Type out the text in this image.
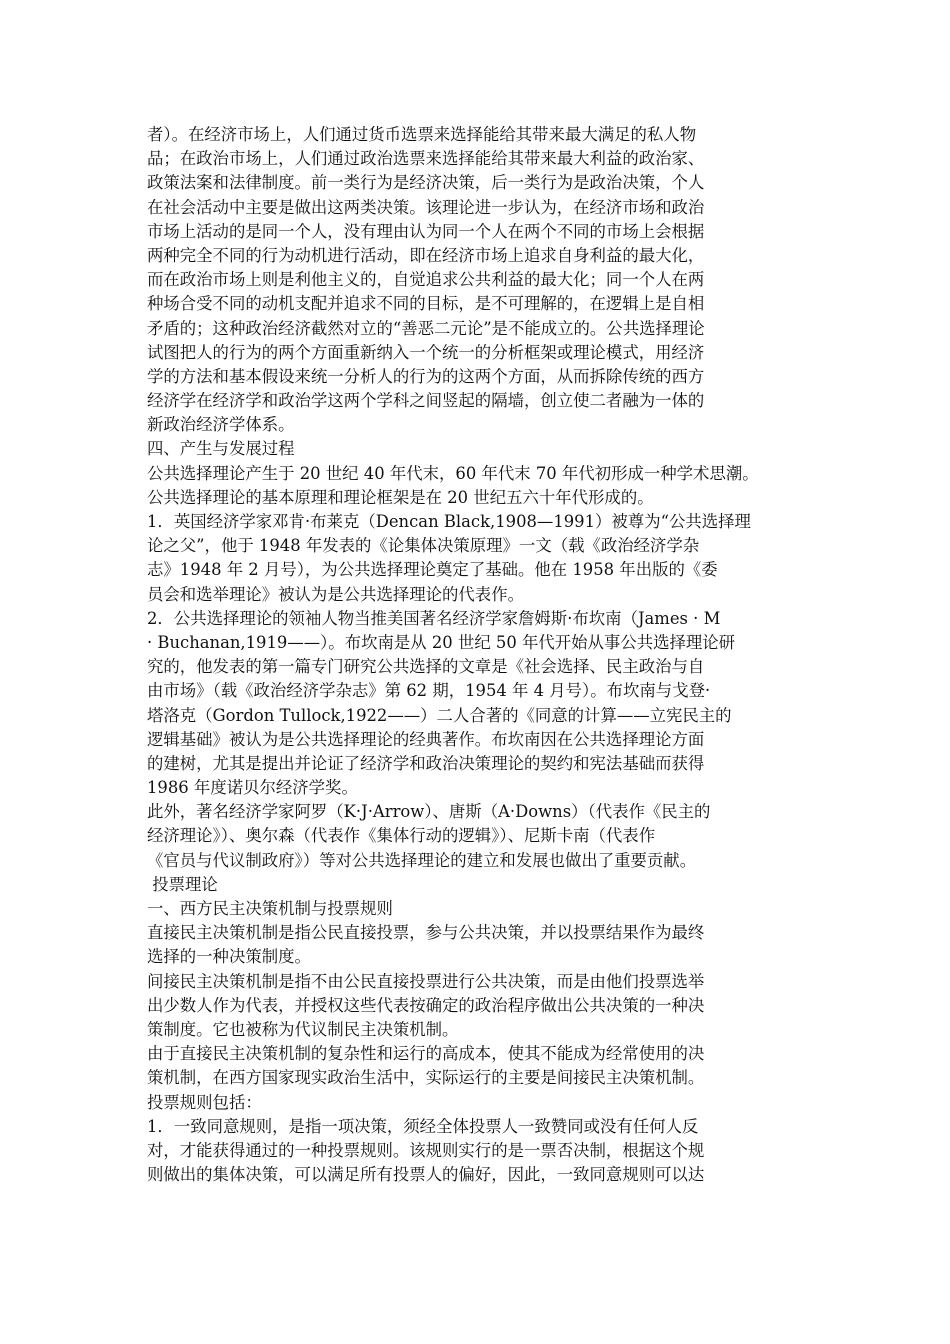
者）。在经济市场上，人们通过货币选票来选择能给其带来最大满足的私人物
品；在政治市场上，人们通过政治选票来选择能给其带来最大利益的政治家、
政策法案和法律制度。前一类行为是经济决策，后一类行为是政治决策，个人
在社会活动中主要是做出这两类决策。该理论进一步认为，在经济市场和政治
市场上活动的是同一个人，没有理由认为同一个人在两个不同的市场上会根据
两种完全不同的行为动机进行活动，即在经济市场上追求自身利益的最大化，
而在政治市场上则是利他主义的，自觉追求公共利益的最大化；同一个人在两
种场合受不同的动机支配并追求不同的目标，是不可理解的，在逻辑上是自相
矛盾的；这种政治经济截然对立的“善恶二元论”是不能成立的。公共选择理论
试图把人的行为的两个方面重新纳入一个统一的分析框架或理论模式，用经济
学的方法和基本假设来统一分析人的行为的这两个方面，从而拆除传统的西方
经济学在经济学和政治学这两个学科之间竖起的隔墙，创立使二者融为一体的
新政治经济学体系。
四、产生与发展过程
公共选择理论产生于 20 世纪 40 年代末，60 年代末 70 年代初形成一种学术思潮。
公共选择理论的基本原理和理论框架是在 20 世纪五六十年代形成的。
1．英国经济学家邓肯·布莱克（Dencan Black,1908—1991）被尊为“公共选择理
论之父”，他于 1948 年发表的《论集体决策原理》一文（载《政治经济学杂
志》1948 年 2 月号），为公共选择理论奠定了基础。他在 1958 年出版的《委
员会和选举理论》被认为是公共选择理论的代表作。
2．公共选择理论的领袖人物当推美国著名经济学家詹姆斯·布坎南（James · M
· Buchanan,1919——）。布坎南是从 20 世纪 50 年代开始从事公共选择理论研
究的，他发表的第一篇专门研究公共选择的文章是《社会选择、民主政治与自
由市场》（载《政治经济学杂志》第 62 期，1954 年 4 月号）。布坎南与戈登·
塔洛克（Gordon Tullock,1922——）二人合著的《同意的计算——立宪民主的
逻辑基础》被认为是公共选择理论的经典著作。布坎南因在公共选择理论方面
的建树，尤其是提出并论证了经济学和政治决策理论的契约和宪法基础而获得
1986 年度诺贝尔经济学奖。
此外，著名经济学家阿罗（K·J·Arrow）、唐斯（A·Downs）（代表作《民主的
经济理论》）、奥尔森（代表作《集体行动的逻辑》）、尼斯卡南（代表作
《官员与代议制政府》）等对公共选择理论的建立和发展也做出了重要贡献。
投票理论
一、西方民主决策机制与投票规则
直接民主决策机制是指公民直接投票，参与公共决策，并以投票结果作为最终
选择的一种决策制度。
间接民主决策机制是指不由公民直接投票进行公共决策，而是由他们投票选举
出少数人作为代表，并授权这些代表按确定的政治程序做出公共决策的一种决
策制度。它也被称为代议制民主决策机制。
由于直接民主决策机制的复杂性和运行的高成本，使其不能成为经常使用的决
策机制，在西方国家现实政治生活中，实际运行的主要是间接民主决策机制。
投票规则包括：
1．一致同意规则，是指一项决策，须经全体投票人一致赞同或没有任何人反
对，才能获得通过的一种投票规则。该规则实行的是一票否决制，根据这个规
则做出的集体决策，可以满足所有投票人的偏好，因此，一致同意规则可以达
